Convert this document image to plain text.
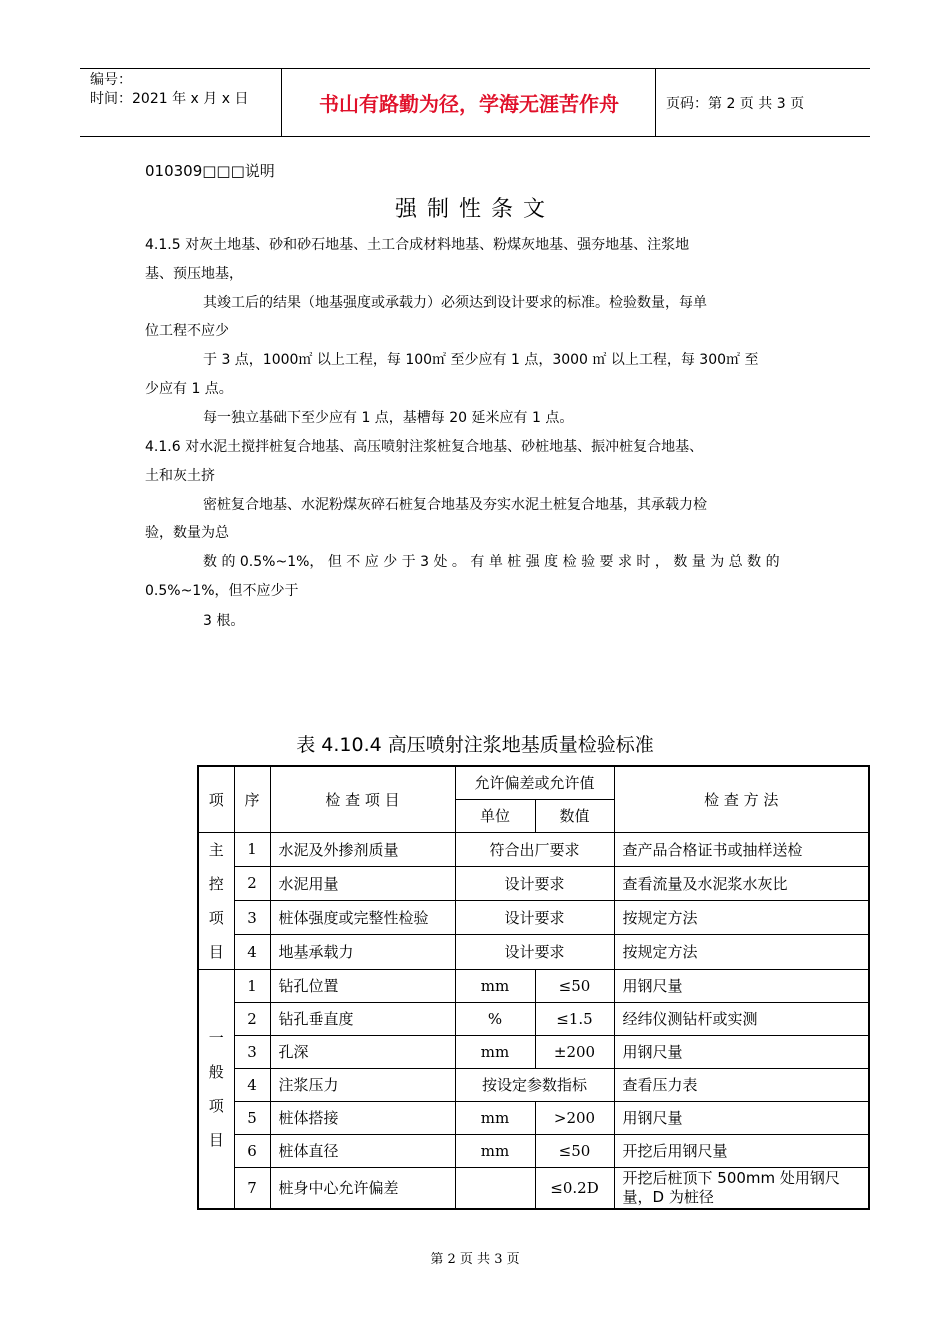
编号：
时间：2021 年 x 月 x 日	书山有路勤为径，学海无涯苦作舟	页码：第 2 页 共 3 页
010309□□□说明
强制性条文
4.1.5 对灰土地基、砂和砂石地基、土工合成材料地基、粉煤灰地基、强夯地基、注浆地
基、预压地基，
其竣工后的结果（地基强度或承载力）必须达到设计要求的标准。检验数量，每单
位工程不应少
于 3 点，1000㎡ 以上工程，每 100㎡ 至少应有 1 点，3000 ㎡ 以上工程，每 300㎡ 至
少应有 1 点。
每一独立基础下至少应有 1 点，基槽每 20 延米应有 1 点。
4.1.6 对水泥土搅拌桩复合地基、高压喷射注浆桩复合地基、砂桩地基、振冲桩复合地基、
土和灰土挤
密桩复合地基、水泥粉煤灰碎石桩复合地基及夯实水泥土桩复合地基，其承载力检
验，数量为总
数 的 0.5%~1%， 但 不 应 少 于 3 处 。 有 单 桩 强 度 检 验 要 求 时 ， 数 量 为 总 数 的
0.5%~1%，但不应少于
3 根。
表 4.10.4 高压喷射注浆地基质量检验标准
项	序	检 查 项 目	允许偏差或允许值		检 查 方 法
			单位	数值	

主
控
项
目	1	水泥及外掺剂质量	符合出厂要求		查产品合格证书或抽样送检
	2	水泥用量	设计要求		查看流量及水泥浆水灰比
	3	桩体强度或完整性检验	设计要求		按规定方法
	4	地基承载力	设计要求		按规定方法

一
般
项
目	1	钻孔位置	mm	≤50	用钢尺量
	2	钻孔垂直度	%	≤1.5	经纬仪测钻杆或实测
	3	孔深	mm	±200	用钢尺量
	4	注浆压力	按设定参数指标		查看压力表
	5	桩体搭接	mm	>200	用钢尺量
	6	桩体直径	mm	≤50	开挖后用钢尺量
	7	桩身中心允许偏差		≤0.2D	开挖后桩顶下 500mm 处用钢尺量，D 为桩径
第 2 页 共 3 页
